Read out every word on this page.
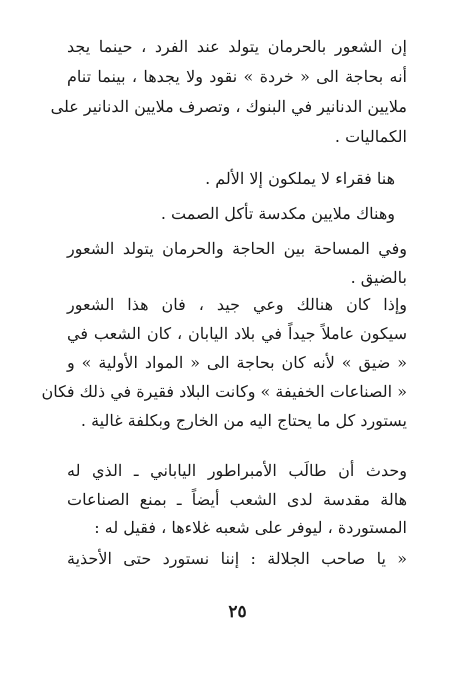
إن الشعور بالحرمان يتولد عند الفرد ، حينما يجد
أنه بحاجة الى « خردة » نقود ولا يجدها ، بينما تنام
ملايين الدنانير في البنوك ، وتصرف ملايين الدنانير على
الكماليات .
هنا فقراء لا يملكون إلا الألم .
وهناك ملايين مكدسة تأكل الصمت .
وفي المساحة بين الحاجة والحرمان يتولد الشعور
بالضيق .
وإذا كان هنالك وعي جيد ، فان هذا الشعور
سيكون عاملاً جيداً في بلاد اليابان ، كان الشعب في
« ضيق » لأنه كان بحاجة الى « المواد الأولية » و
« الصناعات الخفيفة » وكانت البلاد فقيرة في ذلك فكان
يستورد كل ما يحتاج اليه من الخارج وبكلفة غالية .
وحدث أن طالَب الأمبراطور الياباني ـ الذي له
هالة مقدسة لدى الشعب أيضاً ـ بمنع الصناعات
المستوردة ، ليوفر على شعبه غلاءها ، فقيل له :
« يا صاحب الجلالة : إننا نستورد حتى الأحذية
٢٥
